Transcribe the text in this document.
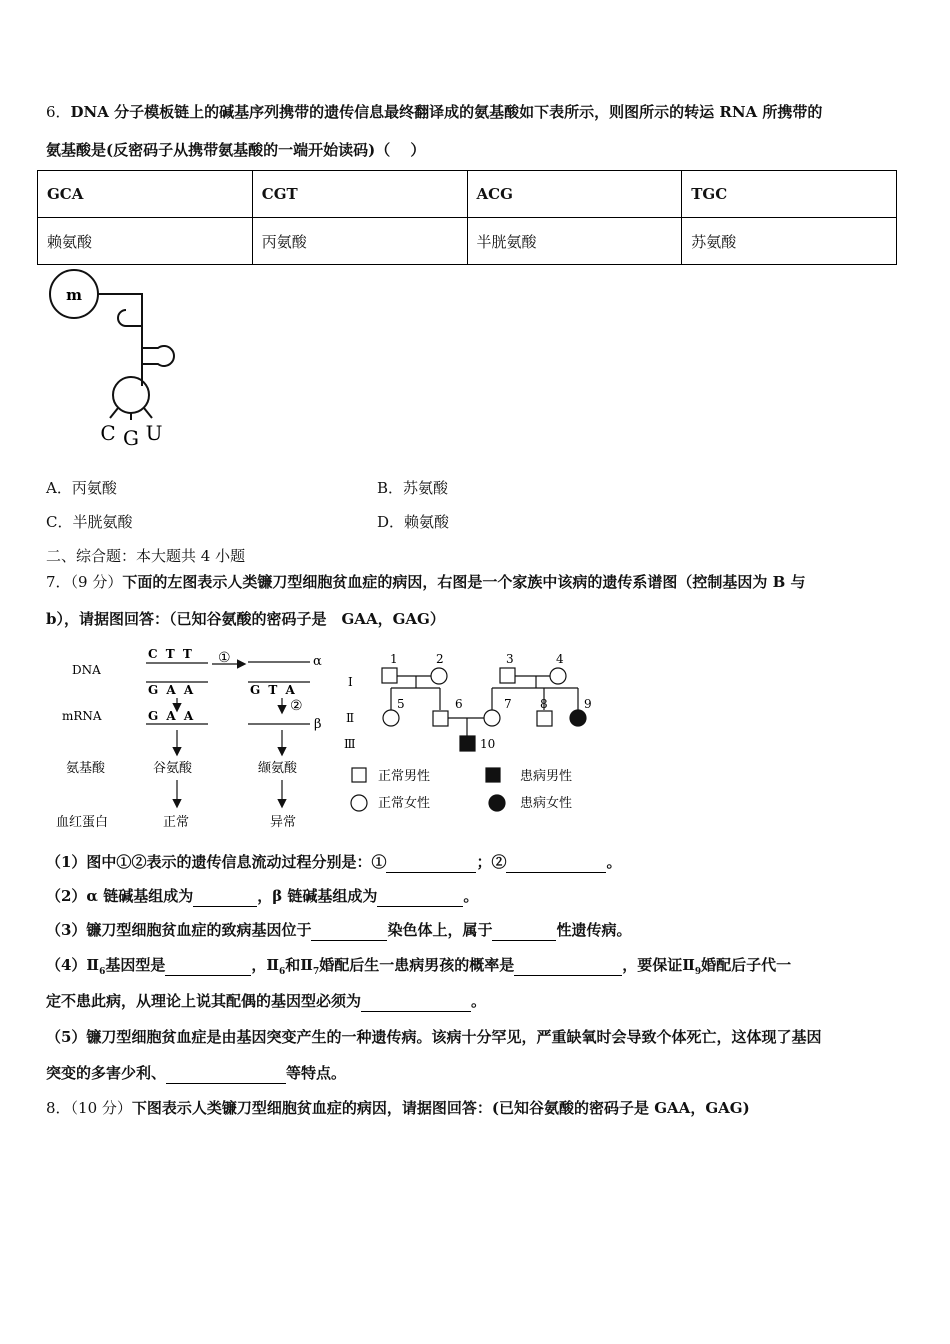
6．DNA 分子模板链上的碱基序列携带的遗传信息最终翻译成的氨基酸如下表所示，则图所示的转运 RNA 所携带的
氨基酸是(反密码子从携带氨基酸的一端开始读码)（　 ）
GCA	CGT	ACG	TGC
赖氨酸	丙氨酸	半胱氨酸	苏氨酸
m
C G U
A．丙氨酸	B．苏氨酸
C．半胱氨酸	D．赖氨酸
二、综合题：本大题共 4 小题
7．（9 分）下面的左图表示人类镰刀型细胞贫血症的病因，右图是一个家族中该病的遗传系谱图（控制基因为 B 与
b），请据图回答：（已知谷氨酸的密码子是　GAA，GAG）
DNA
mRNA
氨基酸
血红蛋白
C T T
G A A
①	α
G T A
G A A
②
β
谷氨酸	缬氨酸
正常	异常
Ⅰ
Ⅱ
Ⅲ
1	2	3	4
5	6	7 8	9
10
正常男性	患病男性
正常女性	患病女性
（1）图中①②表示的遗传信息流动过程分别是：①	；②	。
（2）α 链碱基组成为	，β 链碱基组成为	。
（3）镰刀型细胞贫血症的致病基因位于	染色体上，属于	性遗传病。
$(4)Ⅱ_6$基因型是	，$Ⅱ_6$和$Ⅱ_7$婚配后生一患病男孩的概率是	，要保证$Ⅱ_9$婚配后子代一
定不患此病，从理论上说其配偶的基因型必须为	。
（5）镰刀型细胞贫血症是由基因突变产生的一种遗传病。该病十分罕见，严重缺氧时会导致个体死亡，这体现了基因
突变的多害少利、	等特点。
8．（10 分）下图表示人类镰刀型细胞贫血症的病因，请据图回答：(已知谷氨酸的密码子是 GAA，GAG)
